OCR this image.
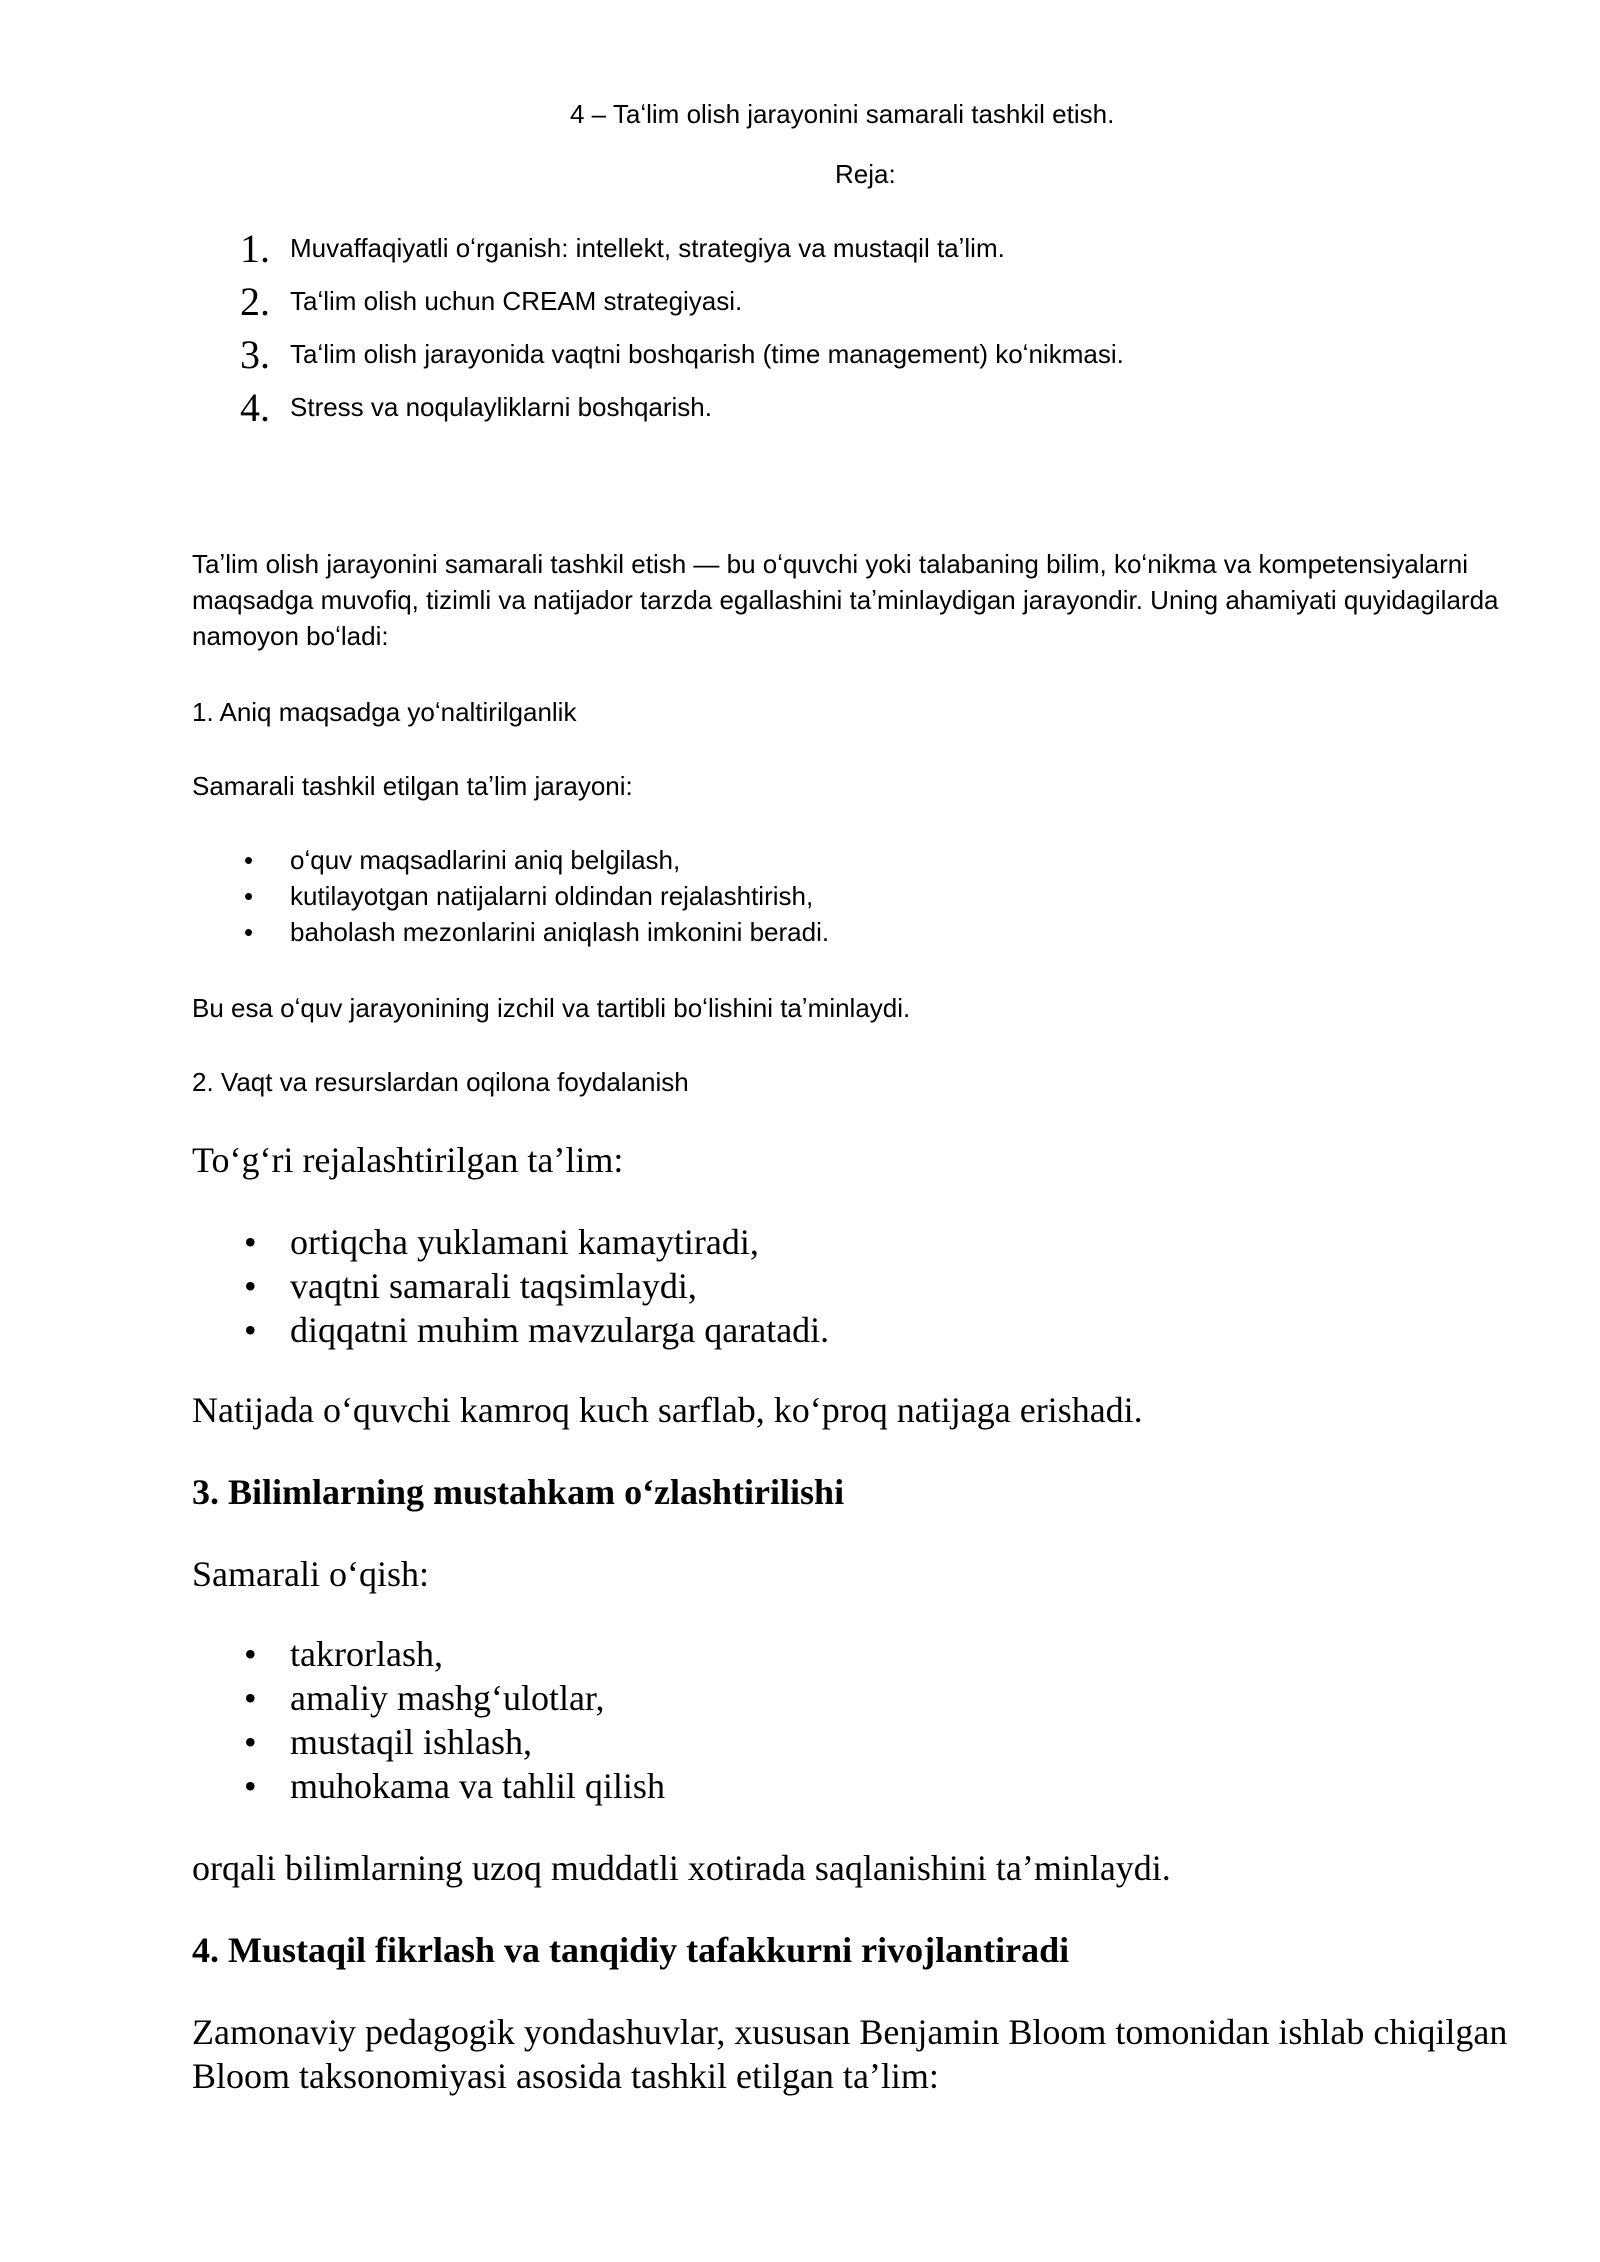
4 – Taʻlim olish jarayonini samarali tashkil etish.

Reja:

1. Muvaffaqiyatli oʻrganish: intellekt, strategiya va mustaqil taʼlim.
2. Taʻlim olish uchun CREAM strategiyasi.
3. Taʻlim olish jarayonida vaqtni boshqarish (time management) koʻnikmasi.
4. Stress va noqulayliklarni boshqarish.

Taʼlim olish jarayonini samarali tashkil etish — bu oʻquvchi yoki talabaning bilim, koʻnikma va kompetensiyalarni maqsadga muvofiq, tizimli va natijador tarzda egallashini taʼminlaydigan jarayondir. Uning ahamiyati quyidagilarda namoyon boʻladi:

1. Aniq maqsadga yoʻnaltirilganlik

Samarali tashkil etilgan taʼlim jarayoni:

• oʻquv maqsadlarini aniq belgilash,
• kutilayotgan natijalarni oldindan rejalashtirish,
• baholash mezonlarini aniqlash imkonini beradi.

Bu esa oʻquv jarayonining izchil va tartibli boʻlishini taʼminlaydi.

2. Vaqt va resurslardan oqilona foydalanish

Toʻgʻri rejalashtirilgan taʼlim:

• ortiqcha yuklamani kamaytiradi,
• vaqtni samarali taqsimlaydi,
• diqqatni muhim mavzularga qaratadi.

Natijada oʻquvchi kamroq kuch sarflab, koʻproq natijaga erishadi.

3. Bilimlarning mustahkam oʻzlashtirilishi

Samarali oʻqish:

• takrorlash,
• amaliy mashgʻulotlar,
• mustaqil ishlash,
• muhokama va tahlil qilish

orqali bilimlarning uzoq muddatli xotirada saqlanishini taʼminlaydi.

4. Mustaqil fikrlash va tanqidiy tafakkurni rivojlantiradi

Zamonaviy pedagogik yondashuvlar, xususan Benjamin Bloom tomonidan ishlab chiqilgan Bloom taksonomiyasi asosida tashkil etilgan taʼlim:
